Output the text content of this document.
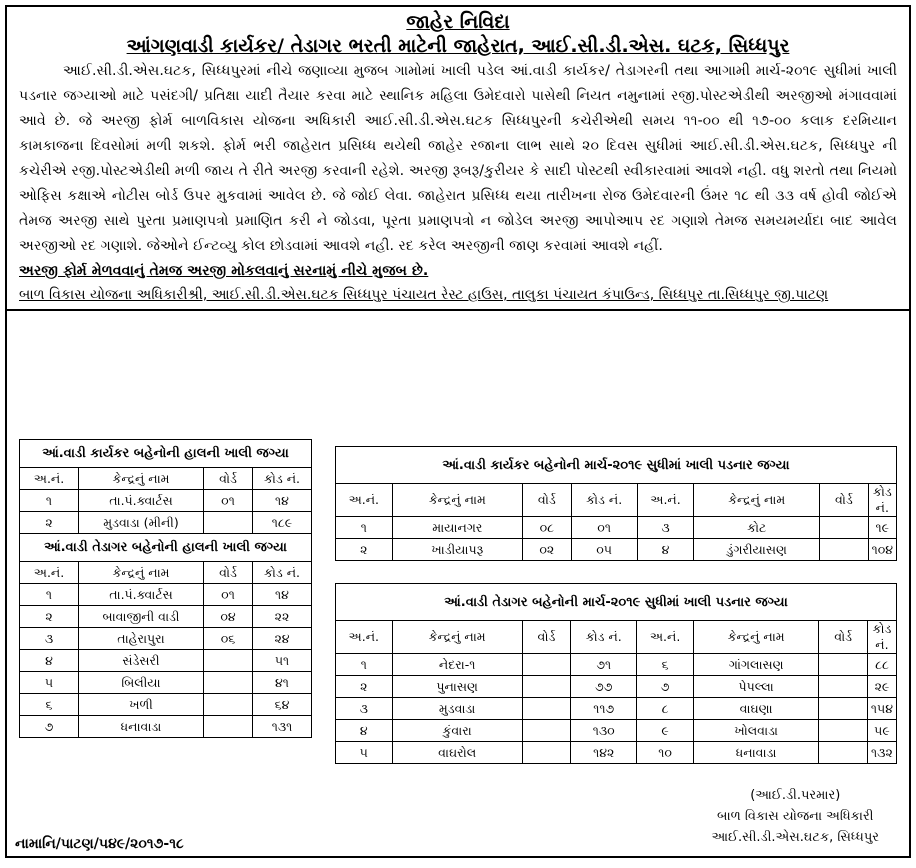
જાહેર નિવિદા
આંગણવાડી કાર્યકર/ તેડાગર ભરતી માટેની જાહેરાત, આઈ.સી.ડી.એસ. ઘટક, સિધ્ધપુર
આઈ.સી.ડી.એસ.ઘટક, સિધ્ધપુરમાં નીચે જણાવ્યા મુજબ ગામોમાં ખાલી પડેલ આં.વાડી કાર્યકર/ તેડાગરની તથા આગામી માર્ચ-૨૦૧૯ સુધીમાં ખાલી પડનાર જગ્યાઓ માટે પસંદગી/ પ્રતિક્ષા યાદી તૈયાર કરવા માટે સ્થાનિક મહિલા ઉમેદવારો પાસેથી નિયત નમુનામાં રજી.પોસ્ટએડીથી અરજીઓ મંગાવવામાં આવે છે. જે અરજી ફોર્મ બાળવિકાસ યોજના અધિકારી આઈ.સી.ડી.એસ.ઘટક સિધ્ધપુરની કચેરીએથી સમય ૧૧-૦૦ થી ૧૭-૦૦ કલાક દરમિયાન કામકાજના દિવસોમાં મળી શકશે. ફોર્મ ભરી જાહેરાત પ્રસિધ્ધ થયેથી જાહેર રજાના લાભ સાથે ૨૦ દિવસ સુધીમાં આઈ.સી.ડી.એસ.ઘટક, સિધ્ધપુર ની કચેરીએ રજી.પોસ્ટએડીથી મળી જાય તે રીતે અરજી કરવાની રહેશે. અરજી રૂબરૂ/કુરીયર કે સાદી પોસ્ટથી સ્વીકારવામાં આવશે નહી. વધુ શરતો તથા નિયમો ઓફિસ કક્ષાએ નોટીસ બોર્ડ ઉપર મુકવામાં આવેલ છે. જે જોઈ લેવા. જાહેરાત પ્રસિધ્ધ થયા તારીખના રોજ ઉમેદવારની ઉંમર ૧૮ થી ૩૩ વર્ષ હોવી જોઈએ તેમજ અરજી સાથે પુરતા પ્રમાણપત્રો પ્રમાણિત કરી ને જોડવા, પૂરતા પ્રમાણપત્રો ન જોડેલ અરજી આપોઆપ રદ ગણાશે તેમજ સમયમર્યાદા બાદ આવેલ અરજીઓ રદ ગણાશે. જેઓને ઈન્ટવ્યુ કોલ છોડવામાં આવશે નહી. રદ કરેલ અરજીની જાણ કરવામાં આવશે નહીં.
અરજી ફોર્મ મેળવવાનું તેમજ અરજી મોકલવાનું સરનામું નીચે મુજબ છે.
બાળ વિકાસ યોજના અધિકારીશ્રી, આઈ.સી.ડી.એસ.ઘટક સિધ્ધપુર પંચાયત રેસ્ટ હાઉસ, તાલુકા પંચાયત કંપાઉન્ડ, સિધ્ધપુર તા.સિધ્ધપુર જી.પાટણ
આં.વાડી કાર્યકર બહેનોની હાલની ખાલી જગ્યા			
અ.નં.	કેન્દ્રનું નામ	વોર્ડ	કોડ નં.
૧	તા.પં.ક્વાર્ટસ	૦૧	૧૪
૨	મુડવાડા (મીની)		૧૮૯
આં.વાડી તેડાગર બહેનોની હાલની ખાલી જગ્યા			
અ.નં.	કેન્દ્રનું નામ	વોર્ડ	કોડ નં.
૧	તા.પં.ક્વાર્ટસ	૦૧	૧૪
૨	બાવાજીની વાડી	૦૪	૨૨
૩	તાહેરાપુરા	૦૬	૨૪
૪	સંડેસરી		૫૧
૫	બિલીયા		૪૧
૬	ખળી		૬૪
૭	ધનાવાડા		૧૩૧
આં.વાડી કાર્યકર બહેનોની માર્ચ-૨૦૧૯ સુધીમાં ખાલી પડનાર જગ્યા							
અ.નં.	કેન્દ્રનું નામ	વોર્ડ	કોડ નં.	અ.નં.	કેન્દ્રનું નામ	વોર્ડ	કોડ નં.
૧	માયાનગર	૦૮	૦૧	૩	કોટ		૧૯
૨	ખાડીયાપરૂ	૦૨	૦૫	૪	ડુંગરીયાસણ		૧૦૪
આં.વાડી તેડાગર બહેનોની માર્ચ-૨૦૧૯ સુધીમાં ખાલી પડનાર જગ્યા							
અ.નં.	કેન્દ્રનું નામ	વોર્ડ	કોડ નં.	અ.નં.	કેન્દ્રનું નામ	વોર્ડ	કોડ નં.
૧	નેદરા-૧		૭૧	૬	ગાંગલાસણ		૮૮
૨	પુનાસણ		૭૭	૭	પેપલ્લા		૨૯
૩	મુડવાડા		૧૧૭	૮	વાઘણા		૧૫૪
૪	કુંવારા		૧૩૦	૯	ખોલવાડા		૫૯
૫	વાઘરોલ		૧૪૨	૧૦	ધનાવાડા		૧૩૨
(આઈ.ડી.પરમાર)
બાળ વિકાસ યોજના અધિકારી
આઈ.સી.ડી.એસ.ઘટક, સિધ્ધપુર
નામાનિ/પાટણ/૫૪૯/૨૦૧૭-૧૮
